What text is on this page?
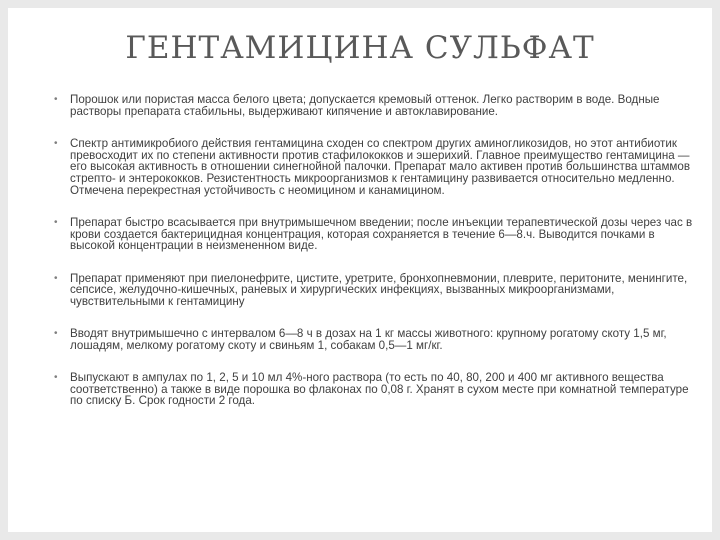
ГЕНТАМИЦИНА СУЛЬФАТ
• Порошок или пористая масса белого цвета; допускается кремовый оттенок. Легко растворим в воде. Водные растворы препарата стабильны, выдерживают кипячение и автоклавирование.
• Спектр антимикробиого действия гентамицина сходен со спектром других аминогликозидов, но этот антибиотик превосходит их по степени активности против стафилококков и эшерихий. Главное преимущество гентамицина — его высокая активность в отношении синегнойной палочки. Препарат мало активен против большинства штаммов стрепто- и энтерококков. Резистентность микроорганизмов к гентамицину развивается относительно медленно. Отмечена перекрестная устойчивость с неомицином и канамицином.
• Препарат быстро всасывается при внутримышечном введении; после инъекции терапевтической дозы через час в крови создается бактерицидная концентрация, которая сохраняется в течение 6—8.ч. Выводится почками в высокой концентрации в неизмененном виде.
• Препарат применяют при пиелонефрите, цистите, уретрите, бронхопневмонии, плеврите, перитоните, менингите, сепсисе, желудочно-кишечных, раневых и хирургических инфекциях, вызванных микроорганизмами, чувствительными к гентамицину
• Вводят внутримышечно с интервалом 6—8 ч в дозах на 1 кг массы животного: крупному рогатому скоту 1,5 мг, лошадям, мелкому рогатому скоту и свиньям 1, собакам 0,5—1 мг/кг.
• Выпускают в ампулах по 1, 2, 5 и 10 мл 4%-ного раствора (то есть по 40, 80, 200 и 400 мг активного вещества соответственно) а также в виде порошка во флаконах по 0,08 г. Хранят в сухом месте при комнатной температуре по списку Б. Срок годности 2 года.
